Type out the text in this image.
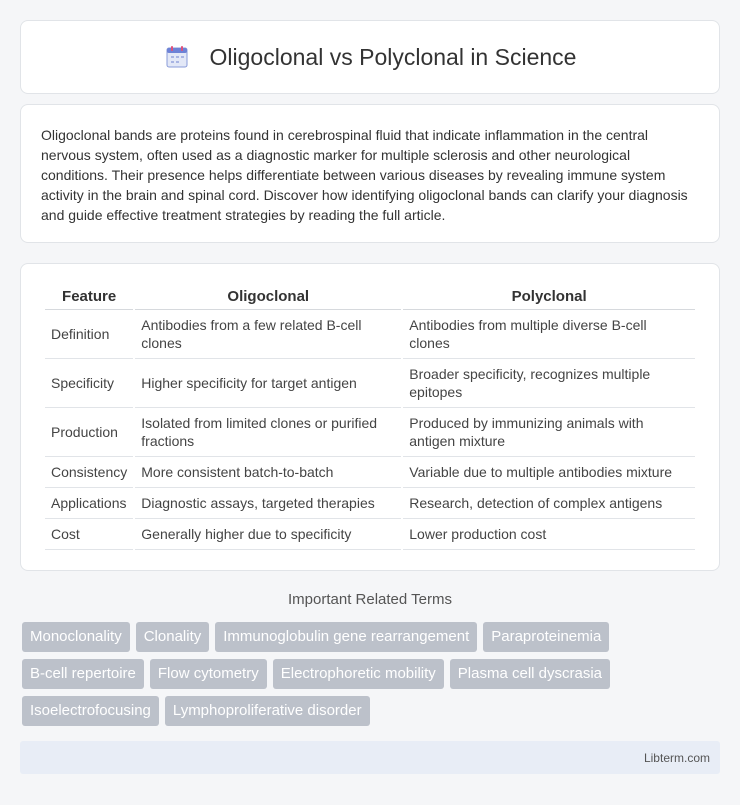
Oligoclonal vs Polyclonal in Science

Oligoclonal bands are proteins found in cerebrospinal fluid that indicate inflammation in the central nervous system, often used as a diagnostic marker for multiple sclerosis and other neurological conditions. Their presence helps differentiate between various diseases by revealing immune system activity in the brain and spinal cord. Discover how identifying oligoclonal bands can clarify your diagnosis and guide effective treatment strategies by reading the full article.

Feature	Oligoclonal	Polyclonal
Definition	Antibodies from a few related B-cell clones	Antibodies from multiple diverse B-cell clones
Specificity	Higher specificity for target antigen	Broader specificity, recognizes multiple epitopes
Production	Isolated from limited clones or purified fractions	Produced by immunizing animals with antigen mixture
Consistency	More consistent batch-to-batch	Variable due to multiple antibodies mixture
Applications	Diagnostic assays, targeted therapies	Research, detection of complex antigens
Cost	Generally higher due to specificity	Lower production cost
Important Related Terms
Monoclonality	Clonality	Immunoglobulin gene rearrangement	Paraproteinemia
B-cell repertoire	Flow cytometry	Electrophoretic mobility	Plasma cell dyscrasia
Isoelectrofocusing	Lymphoproliferative disorder
Libterm.com
